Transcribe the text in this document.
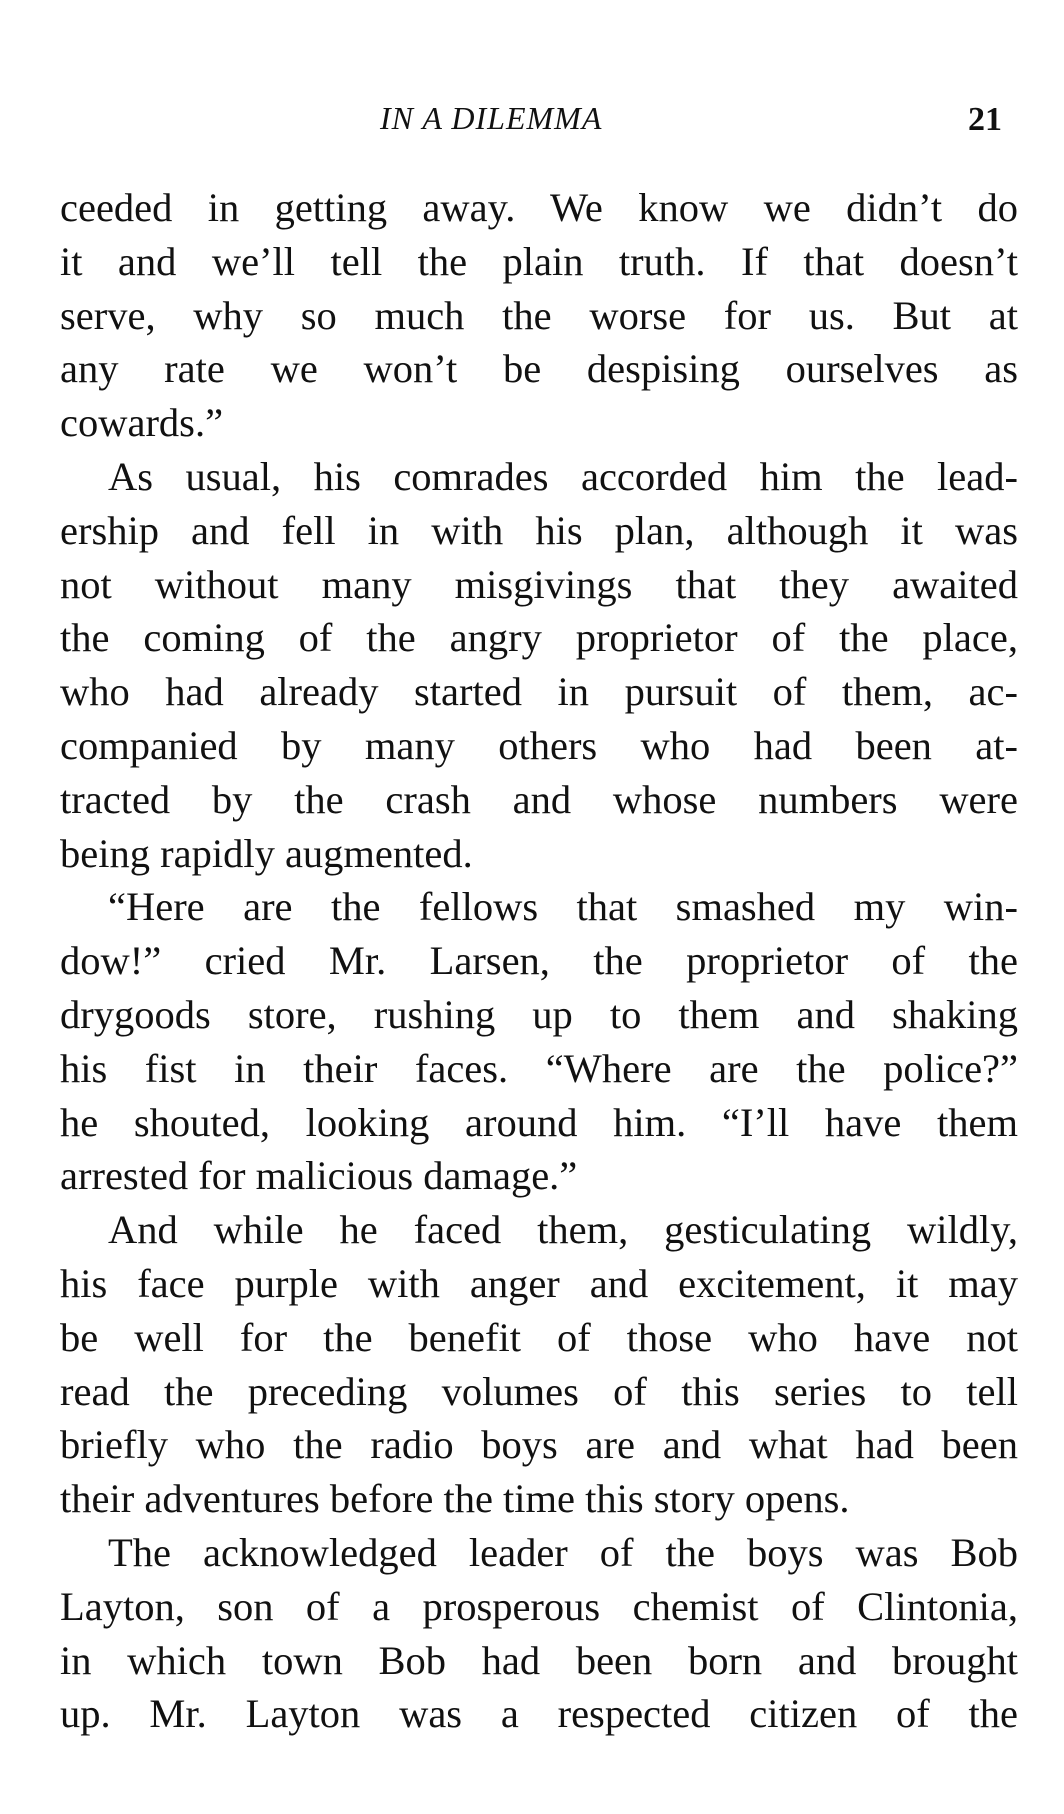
IN A DILEMMA	21
ceeded in getting away. We know we didn’t do
it and we’ll tell the plain truth. If that doesn’t
serve, why so much the worse for us. But at
any rate we won’t be despising ourselves as
cowards.”
As usual, his comrades accorded him the lead-
ership and fell in with his plan, although it was
not without many misgivings that they awaited
the coming of the angry proprietor of the place,
who had already started in pursuit of them, ac-
companied by many others who had been at-
tracted by the crash and whose numbers were
being rapidly augmented.
“Here are the fellows that smashed my win-
dow!” cried Mr. Larsen, the proprietor of the
drygoods store, rushing up to them and shaking
his fist in their faces. “Where are the police?”
he shouted, looking around him. “I’ll have them
arrested for malicious damage.”
And while he faced them, gesticulating wildly,
his face purple with anger and excitement, it may
be well for the benefit of those who have not
read the preceding volumes of this series to tell
briefly who the radio boys are and what had been
their adventures before the time this story opens.
The acknowledged leader of the boys was Bob
Layton, son of a prosperous chemist of Clintonia,
in which town Bob had been born and brought
up. Mr. Layton was a respected citizen of the
